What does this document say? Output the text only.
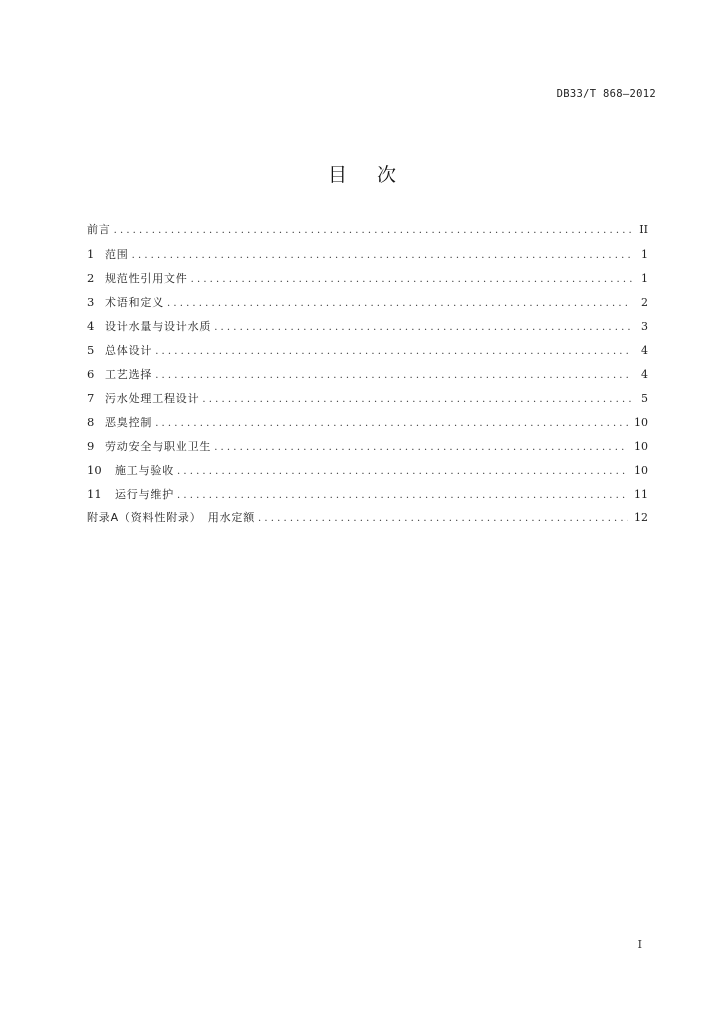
DB33/T 868—2012
目 次
前言 . . .	II
1 范围 . . .	1
2 规范性引用文件 . . .	1
3 术语和定义 . . .	2
4 设计水量与设计水质 . . .	3
5 总体设计 . . .	4
6 工艺选择 . . .	4
7 污水处理工程设计 . . .	5
8 恶臭控制 . . .	10
9 劳动安全与职业卫生 . . .	10
10	施工与验收 . . .	10
11	运行与维护 . . .	11
附录A（资料性附录）　用水定额 . . .	12
I
